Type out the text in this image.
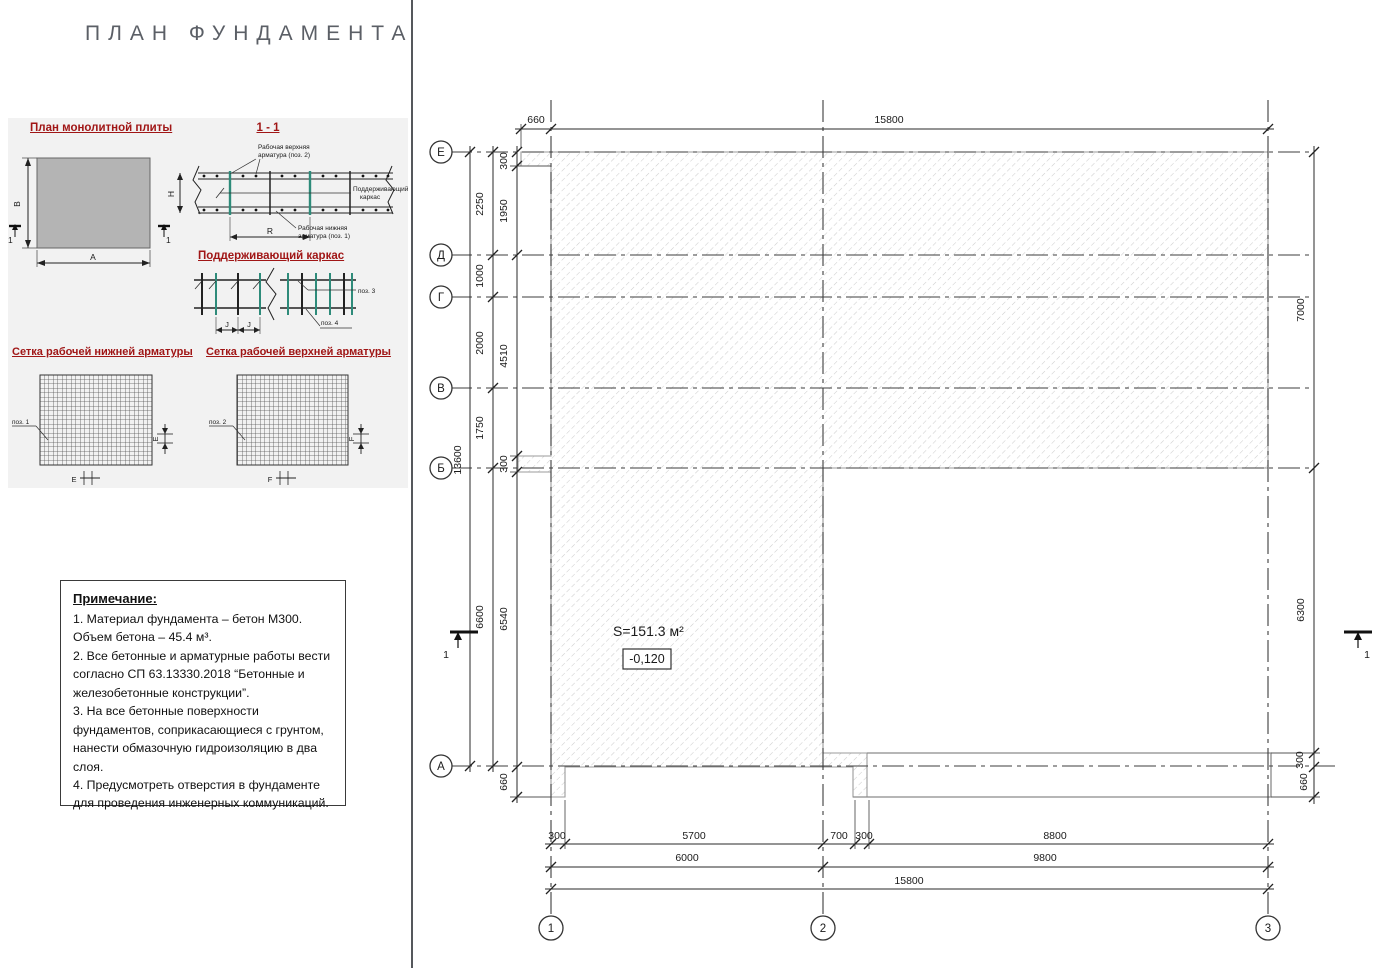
660	15800
13600
2250
1000
2000
1750
6600
300
1950
4510
300
6540
660
7000
6300
300
660
300	5700	700 300	8800
6000	9800
15800
Е
Д
Г
В
Б
А
1	2	3
S=151.3 м²
-0,120
1	1
ПЛАН ФУНДАМЕНТА
B
A
1	1
H
R
Рабочая верхняя
арматура (поз. 2)
Поддерживающий
каркас
Рабочая нижняя
арматура (поз. 1)
поз. 3
поз. 4
J J
поз. 1
E
E
поз. 2
F
F
План монолитной плиты	1 - 1
Поддерживающий каркас
Сетка рабочей нижней арматуры Сетка рабочей верхней арматуры
Примечание:

1. Материал фундамента – бетон М300. Объем бетона – 45.4 м³.

2. Все бетонные и арматурные работы вести согласно СП 63.13330.2018 “Бетонные и железобетонные конструкции”.

3. На все бетонные поверхности фундаментов, соприкасающиеся с грунтом, нанести обмазочную гидроизоляцию в два слоя.

4. Предусмотреть отверстия в фундаменте для проведения инженерных коммуникаций.
